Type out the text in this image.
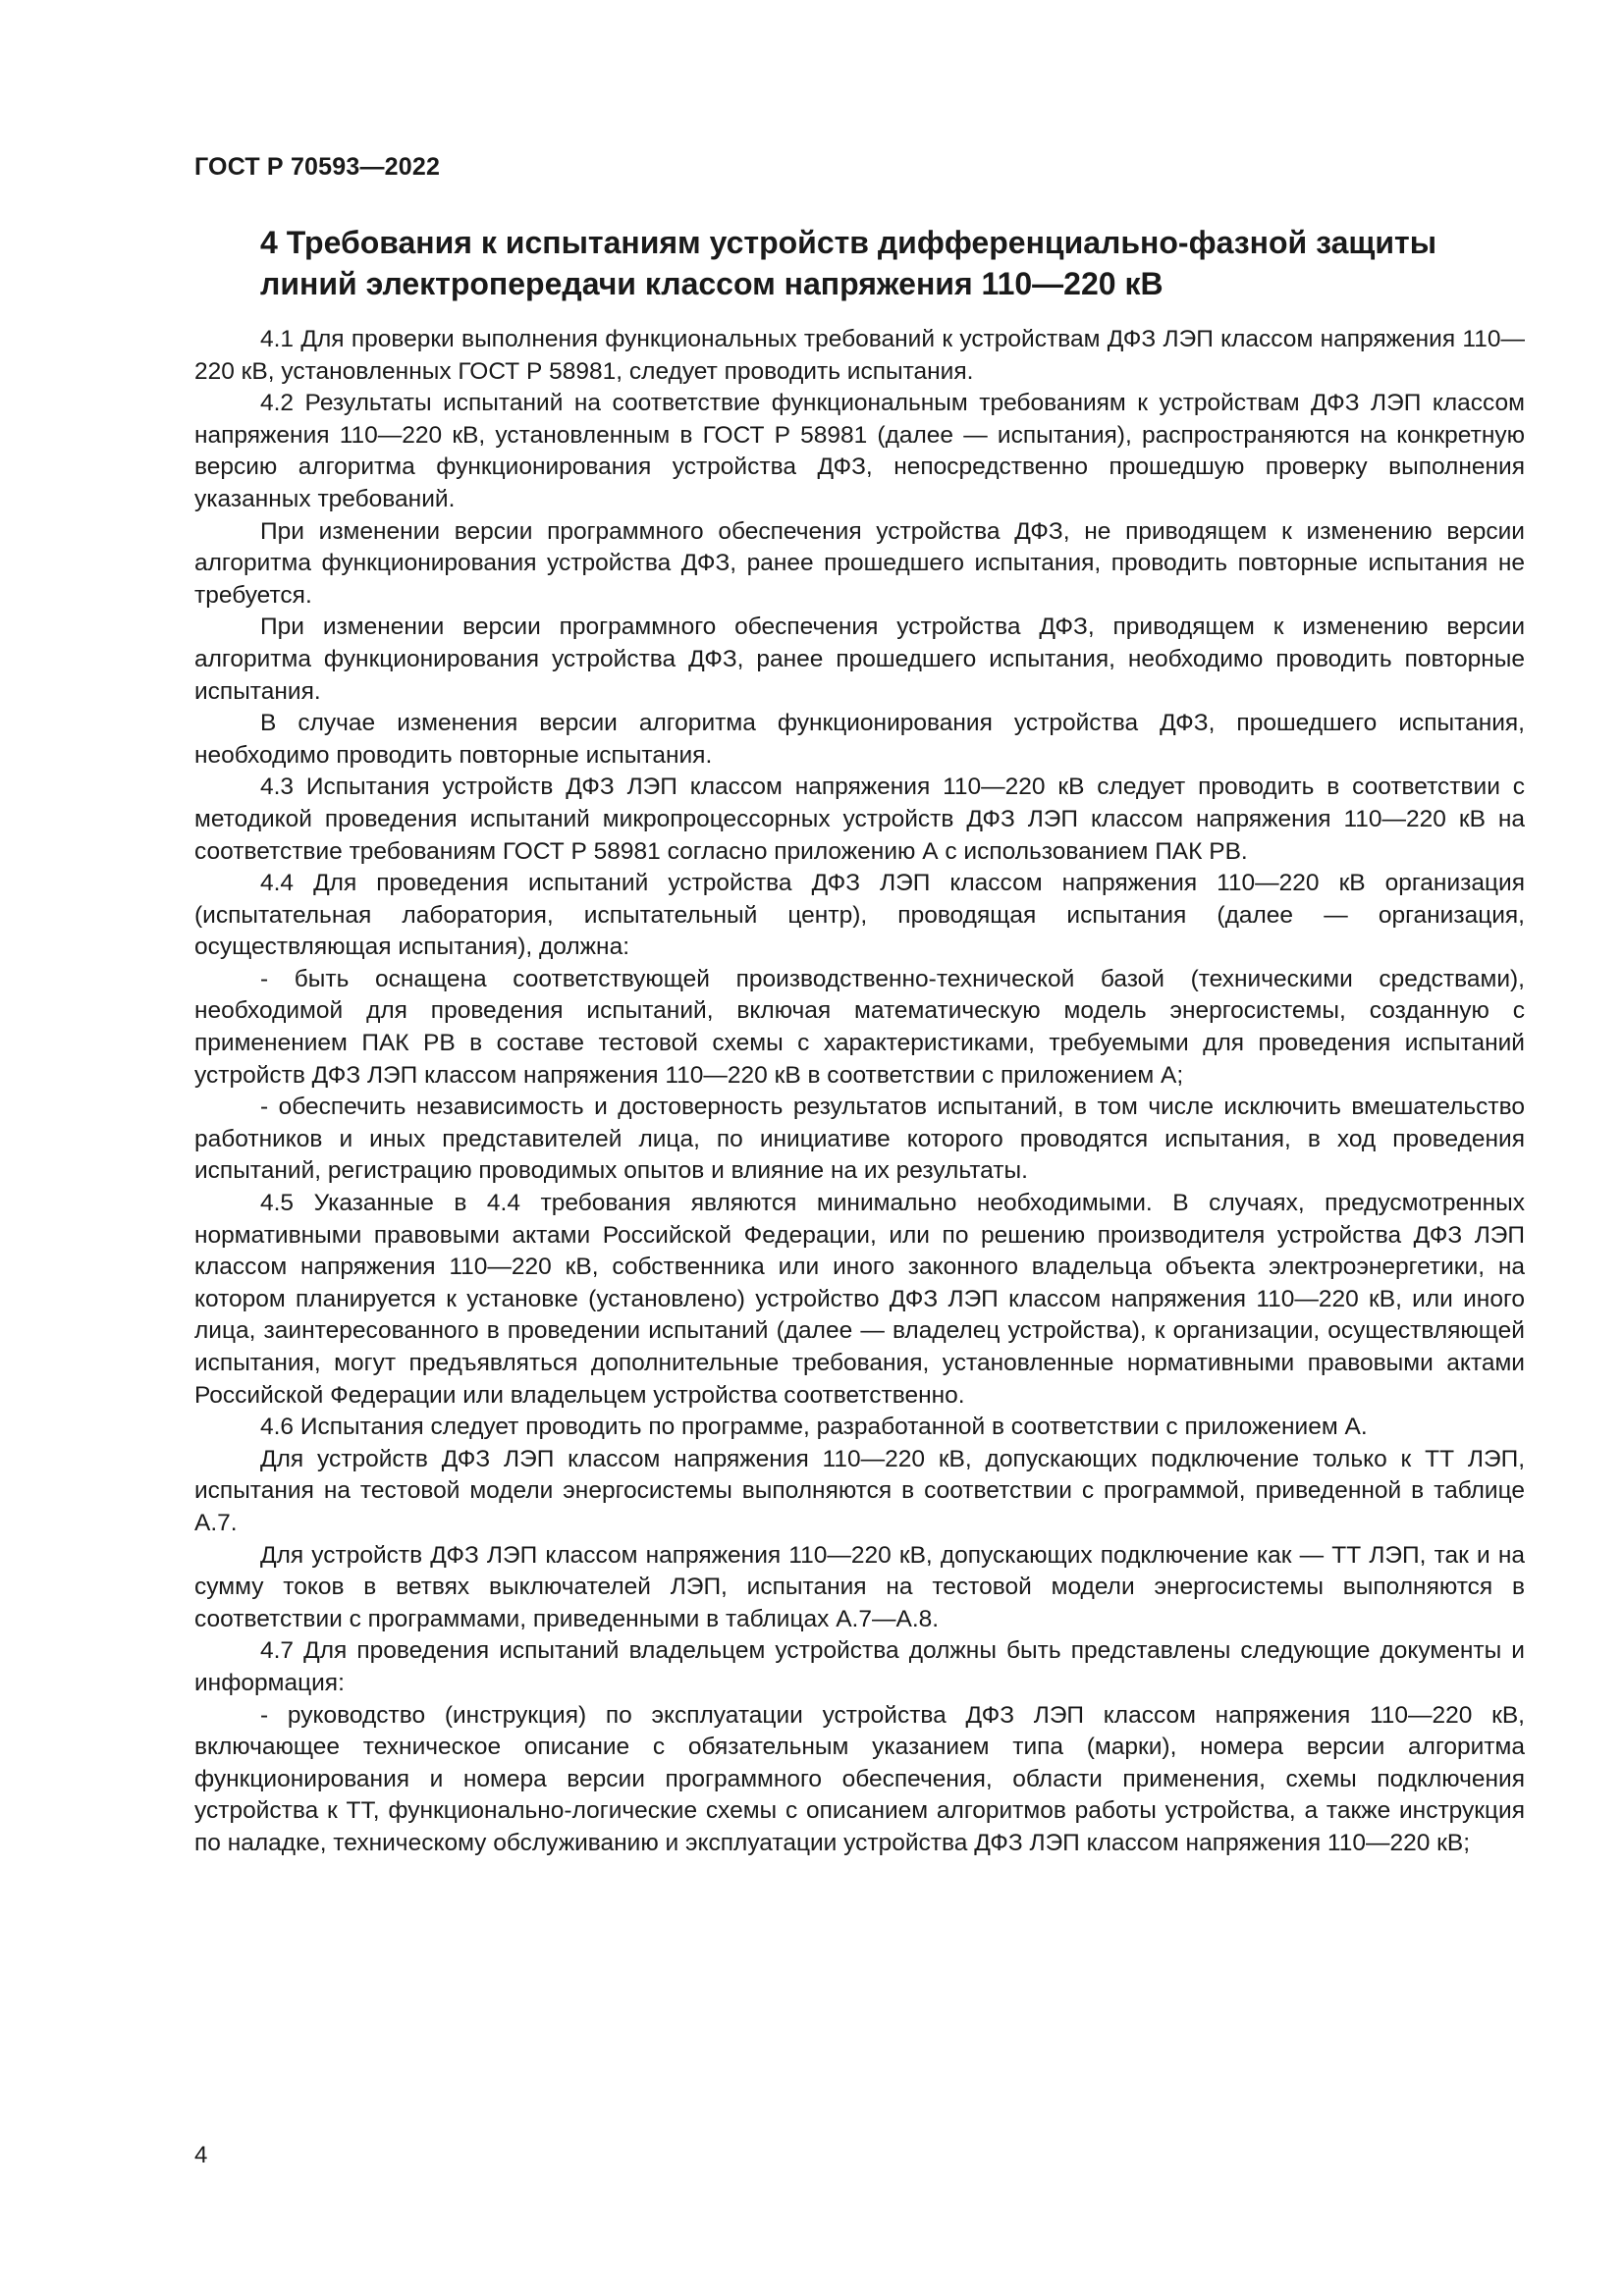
ГОСТ Р 70593—2022
4 Требования к испытаниям устройств дифференциально-фазной защиты линий электропередачи классом напряжения 110—220 кВ

4.1 Для проверки выполнения функциональных требований к устройствам ДФЗ ЛЭП классом напряжения 110—220 кВ, установленных ГОСТ Р 58981, следует проводить испытания.

4.2 Результаты испытаний на соответствие функциональным требованиям к устройствам ДФЗ ЛЭП классом напряжения 110—220 кВ, установленным в ГОСТ Р 58981 (далее — испытания), распространяются на конкретную версию алгоритма функционирования устройства ДФЗ, непосредственно прошедшую проверку выполнения указанных требований.

При изменении версии программного обеспечения устройства ДФЗ, не приводящем к изменению версии алгоритма функционирования устройства ДФЗ, ранее прошедшего испытания, проводить повторные испытания не требуется.

При изменении версии программного обеспечения устройства ДФЗ, приводящем к изменению версии алгоритма функционирования устройства ДФЗ, ранее прошедшего испытания, необходимо проводить повторные испытания.

В случае изменения версии алгоритма функционирования устройства ДФЗ, прошедшего испытания, необходимо проводить повторные испытания.

4.3 Испытания устройств ДФЗ ЛЭП классом напряжения 110—220 кВ следует проводить в соответствии с методикой проведения испытаний микропроцессорных устройств ДФЗ ЛЭП классом напряжения 110—220 кВ на соответствие требованиям ГОСТ Р 58981 согласно приложению А с использованием ПАК РВ.

4.4 Для проведения испытаний устройства ДФЗ ЛЭП классом напряжения 110—220 кВ организация (испытательная лаборатория, испытательный центр), проводящая испытания (далее — организация, осуществляющая испытания), должна:

- быть оснащена соответствующей производственно-технической базой (техническими средствами), необходимой для проведения испытаний, включая математическую модель энергосистемы, созданную с применением ПАК РВ в составе тестовой схемы с характеристиками, требуемыми для проведения испытаний устройств ДФЗ ЛЭП классом напряжения 110—220 кВ в соответствии с приложением А;

- обеспечить независимость и достоверность результатов испытаний, в том числе исключить вмешательство работников и иных представителей лица, по инициативе которого проводятся испытания, в ход проведения испытаний, регистрацию проводимых опытов и влияние на их результаты.

4.5 Указанные в 4.4 требования являются минимально необходимыми. В случаях, предусмотренных нормативными правовыми актами Российской Федерации, или по решению производителя устройства ДФЗ ЛЭП классом напряжения 110—220 кВ, собственника или иного законного владельца объекта электроэнергетики, на котором планируется к установке (установлено) устройство ДФЗ ЛЭП классом напряжения 110—220 кВ, или иного лица, заинтересованного в проведении испытаний (далее — владелец устройства), к организации, осуществляющей испытания, могут предъявляться дополнительные требования, установленные нормативными правовыми актами Российской Федерации или владельцем устройства соответственно.

4.6 Испытания следует проводить по программе, разработанной в соответствии с приложением А.

Для устройств ДФЗ ЛЭП классом напряжения 110—220 кВ, допускающих подключение только к ТТ ЛЭП, испытания на тестовой модели энергосистемы выполняются в соответствии с программой, приведенной в таблице А.7.

Для устройств ДФЗ ЛЭП классом напряжения 110—220 кВ, допускающих подключение как — ТТ ЛЭП, так и на сумму токов в ветвях выключателей ЛЭП, испытания на тестовой модели энергосистемы выполняются в соответствии с программами, приведенными в таблицах А.7—А.8.

4.7 Для проведения испытаний владельцем устройства должны быть представлены следующие документы и информация:

- руководство (инструкция) по эксплуатации устройства ДФЗ ЛЭП классом напряжения 110—220 кВ, включающее техническое описание с обязательным указанием типа (марки), номера версии алгоритма функционирования и номера версии программного обеспечения, области применения, схемы подключения устройства к ТТ, функционально-логические схемы с описанием алгоритмов работы устройства, а также инструкция по наладке, техническому обслуживанию и эксплуатации устройства ДФЗ ЛЭП классом напряжения 110—220 кВ;

4
